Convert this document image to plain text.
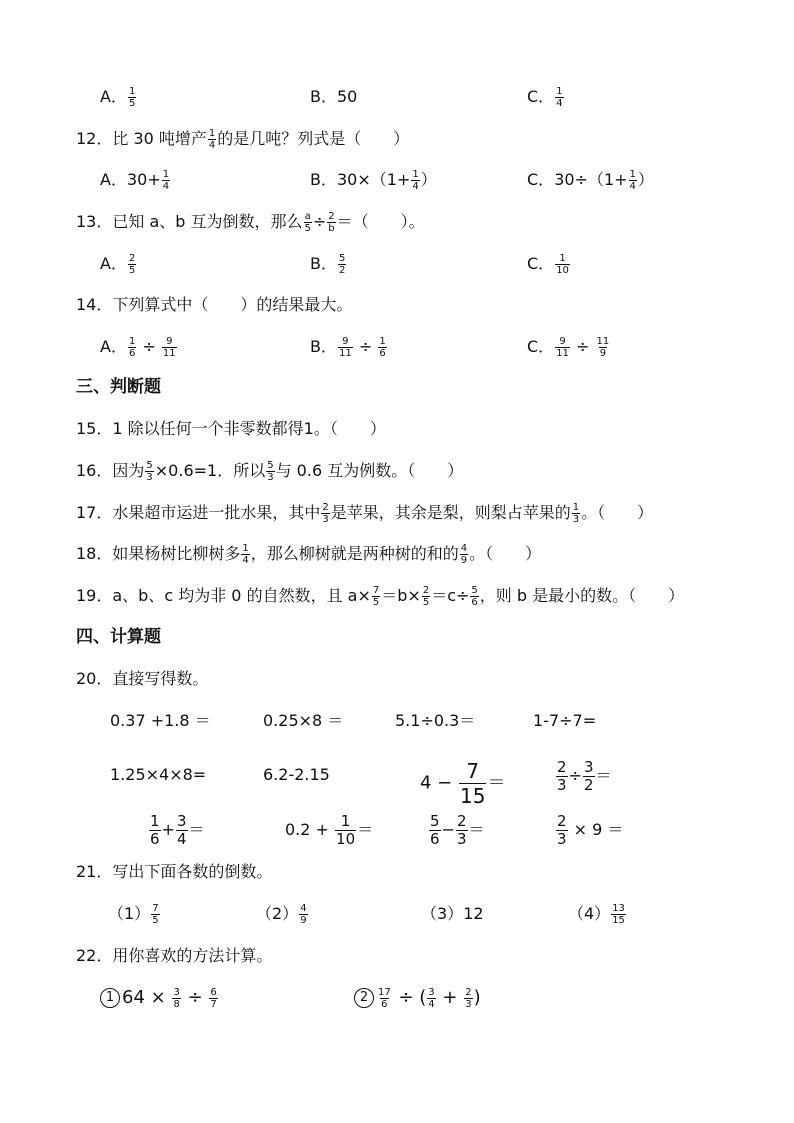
A． $\frac{1}{5}$	B．50	C． $\frac{1}{4}$
12．比 30 吨增产 $\frac{1}{4}$ 的是几吨？列式是（　　）
A．$30+ \frac{1}{4}$	B．$30\times(1+ \frac{1}{4}$ ）	C．$30\div(1+ \frac{1}{4}$ ）
13．已知 a、b 互为倒数，那么 $\frac{a}{5} \div \frac{2}{b}$ ＝（　　）。
A． $\frac{2}{5}$	B． $\frac{5}{2}$	C． $\frac{1}{10}$
14．下列算式中（　　）的结果最大。
A． $\frac{1}{6} \div \frac{9}{11}$	B． $\frac{9}{11} \div \frac{1}{6}$	C． $\frac{9}{11} \div \frac{11}{9}$
三、判断题
15．1 除以任何一个非零数都得1。（　　）
16．因为 $\frac{5}{3} \times 0.6=1$．所以 $\frac{5}{3}$ 与 0.6 互为例数。（　　）
17．水果超市运进一批水果，其中 $\frac{2}{3}$ 是苹果，其余是梨，则梨占苹果的 $\frac{1}{3}$ 。（　　）
18．如果杨树比柳树多 $\frac{1}{4}$ ，那么柳树就是两种树的和的 $\frac{4}{9}$ 。（　　）
19．a、b、c 均为非 0 的自然数，且 $a\times \frac{7}{5} =b\times \frac{2}{5} =c\div \frac{5}{6}$ ，则 b 是最小的数。（　　）
四、计算题
20．直接写得数。
0.37 +1.8 ＝	0.25×8 ＝	5.1÷0.3＝	1-7÷7=
1.25×4×8=	6.2-2.15	$4 - \frac{7}{15}$ ＝	$\frac{2}{3} \div \frac{3}{2}$ ＝
$\frac{1}{6} + \frac{3}{4}$ ＝	$0.2 + \frac{1}{10}$ ＝	$\frac{5}{6} - \frac{2}{3}$ ＝	$\frac{2}{3} \times 9$ ＝
21．写出下面各数的倒数。
$(1) \frac{7}{5}$	$(2) \frac{4}{9}$	（3）12	$(4) \frac{13}{15}$
22．用你喜欢的方法计算。
1 $64 \times \frac{3}{8} \div \frac{6}{7}$	$2 \frac{17}{6}$ ÷ ( $\frac{3}{4} + \frac{2}{3}$ )
